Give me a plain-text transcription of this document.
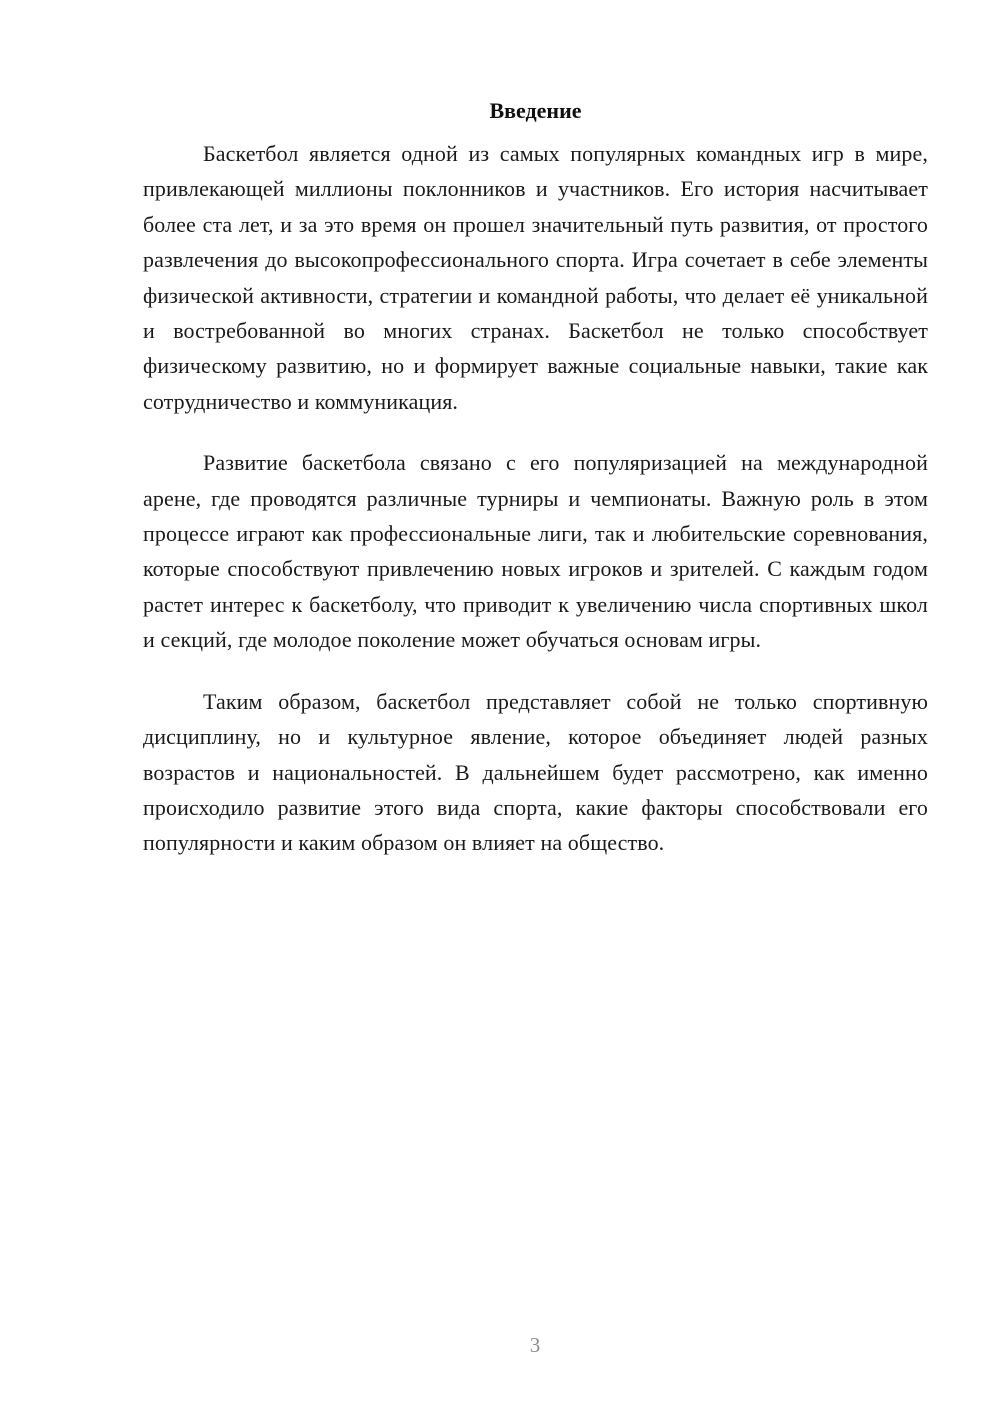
Введение

Баскетбол является одной из самых популярных командных игр в мире, привлекающей миллионы поклонников и участников. Его история насчитывает более ста лет, и за это время он прошел значительный путь развития, от простого развлечения до высокопрофессионального спорта. Игра сочетает в себе элементы физической активности, стратегии и командной работы, что делает её уникальной и востребованной во многих странах. Баскетбол не только способствует физическому развитию, но и формирует важные социальные навыки, такие как сотрудничество и коммуникация.

Развитие баскетбола связано с его популяризацией на международной арене, где проводятся различные турниры и чемпионаты. Важную роль в этом процессе играют как профессиональные лиги, так и любительские соревнования, которые способствуют привлечению новых игроков и зрителей. С каждым годом растет интерес к баскетболу, что приводит к увеличению числа спортивных школ и секций, где молодое поколение может обучаться основам игры.

Таким образом, баскетбол представляет собой не только спортивную дисциплину, но и культурное явление, которое объединяет людей разных возрастов и национальностей. В дальнейшем будет рассмотрено, как именно происходило развитие этого вида спорта, какие факторы способствовали его популярности и каким образом он влияет на общество.

3
